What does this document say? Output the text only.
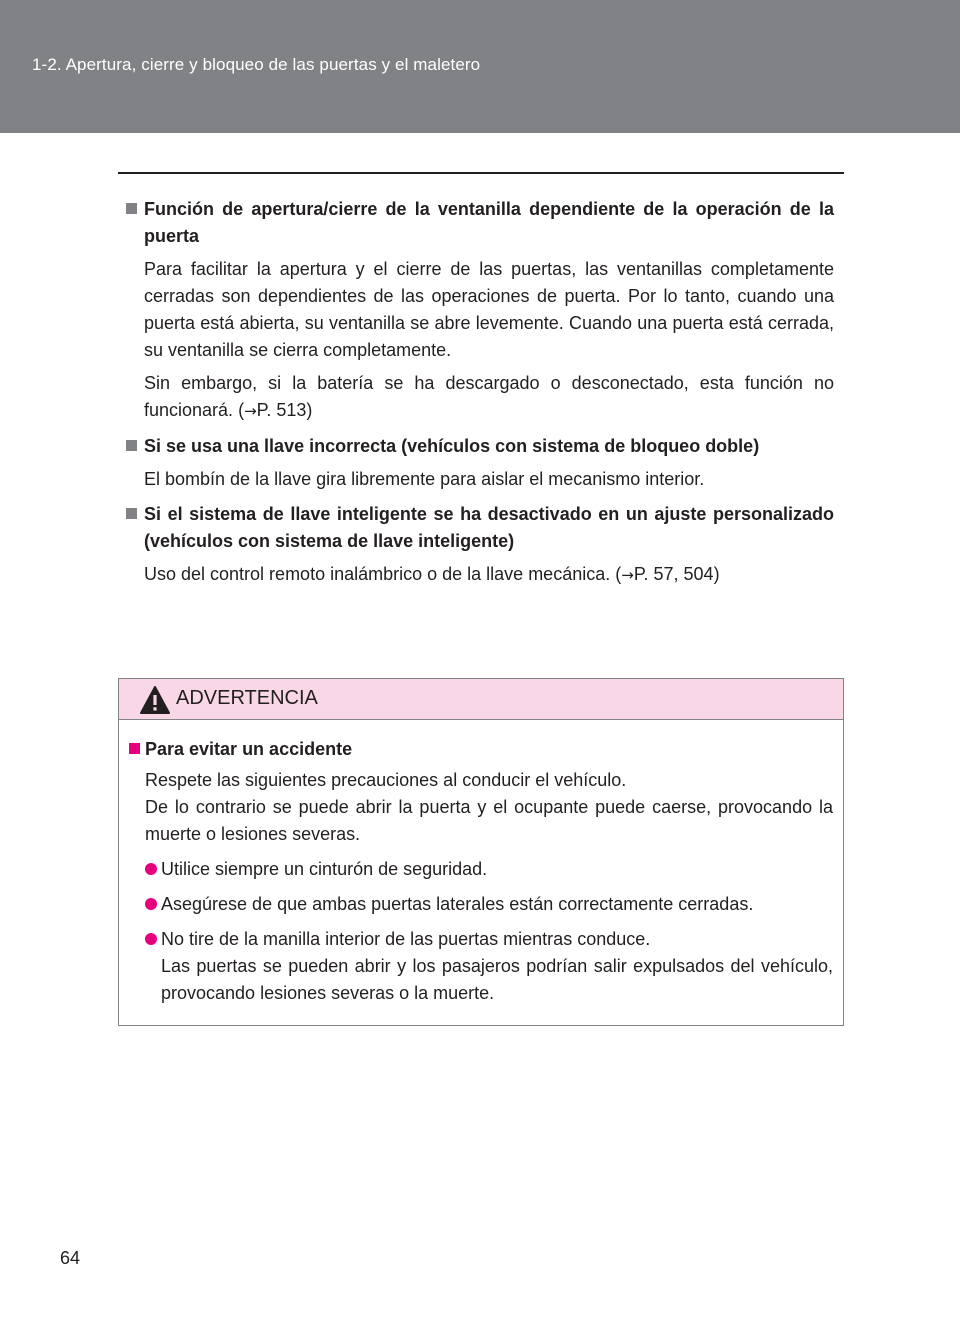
1-2. Apertura, cierre y bloqueo de las puertas y el maletero
Función de apertura/cierre de la ventanilla dependiente de la operación de la puerta
Para facilitar la apertura y el cierre de las puertas, las ventanillas completamente cerradas son dependientes de las operaciones de puerta. Por lo tanto, cuando una puerta está abierta, su ventanilla se abre levemente. Cuando una puerta está cerrada, su ventanilla se cierra completamente.
Sin embargo, si la batería se ha descargado o desconectado, esta función no funcionará. (→P. 513)
Si se usa una llave incorrecta (vehículos con sistema de bloqueo doble)
El bombín de la llave gira libremente para aislar el mecanismo interior.
Si el sistema de llave inteligente se ha desactivado en un ajuste personalizado (vehículos con sistema de llave inteligente)
Uso del control remoto inalámbrico o de la llave mecánica. (→P. 57, 504)
ADVERTENCIA
Para evitar un accidente
Respete las siguientes precauciones al conducir el vehículo.
De lo contrario se puede abrir la puerta y el ocupante puede caerse, provocando la muerte o lesiones severas.
Utilice siempre un cinturón de seguridad.
Asegúrese de que ambas puertas laterales están correctamente cerradas.
No tire de la manilla interior de las puertas mientras conduce.
Las puertas se pueden abrir y los pasajeros podrían salir expulsados del vehículo, provocando lesiones severas o la muerte.
64
